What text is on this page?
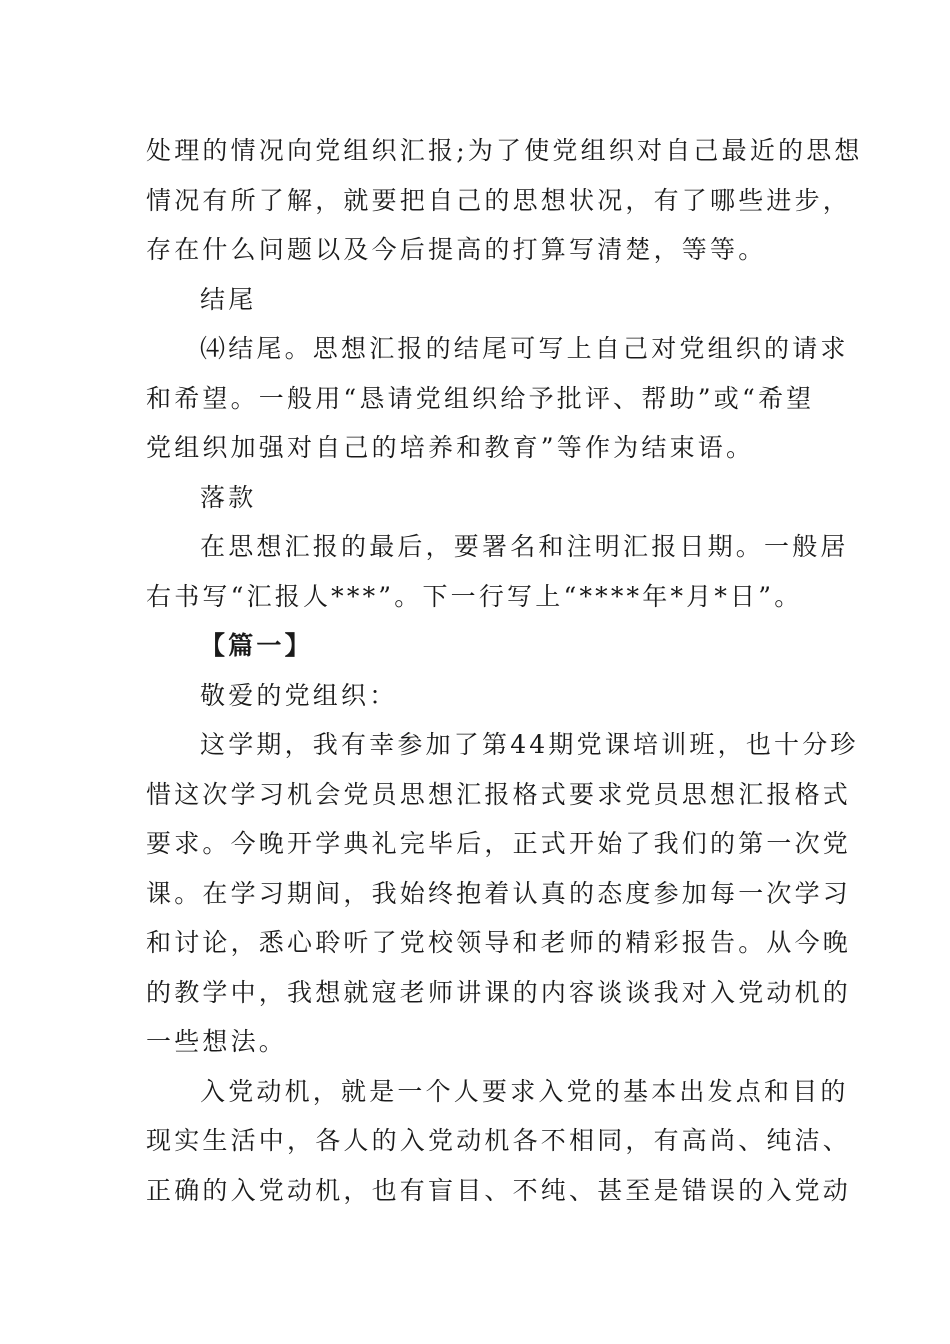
处理的情况向党组织汇报;为了使党组织对自己最近的思想
情况有所了解，就要把自己的思想状况，有了哪些进步，
存在什么问题以及今后提高的打算写清楚，等等。
结尾
⑷结尾。思想汇报的结尾可写上自己对党组织的请求
和希望。一般用“恳请党组织给予批评、帮助”或“希望
党组织加强对自己的培养和教育”等作为结束语。
落款
在思想汇报的最后，要署名和注明汇报日期。一般居
右书写“汇报人***”。下一行写上“****年*月*日”。
【篇一】
敬爱的党组织：
这学期，我有幸参加了第44期党课培训班，也十分珍
惜这次学习机会党员思想汇报格式要求党员思想汇报格式
要求。今晚开学典礼完毕后，正式开始了我们的第一次党
课。在学习期间，我始终抱着认真的态度参加每一次学习
和讨论，悉心聆听了党校领导和老师的精彩报告。从今晚
的教学中，我想就寇老师讲课的内容谈谈我对入党动机的
一些想法。
入党动机，就是一个人要求入党的基本出发点和目的
现实生活中，各人的入党动机各不相同，有高尚、纯洁、
正确的入党动机，也有盲目、不纯、甚至是错误的入党动
